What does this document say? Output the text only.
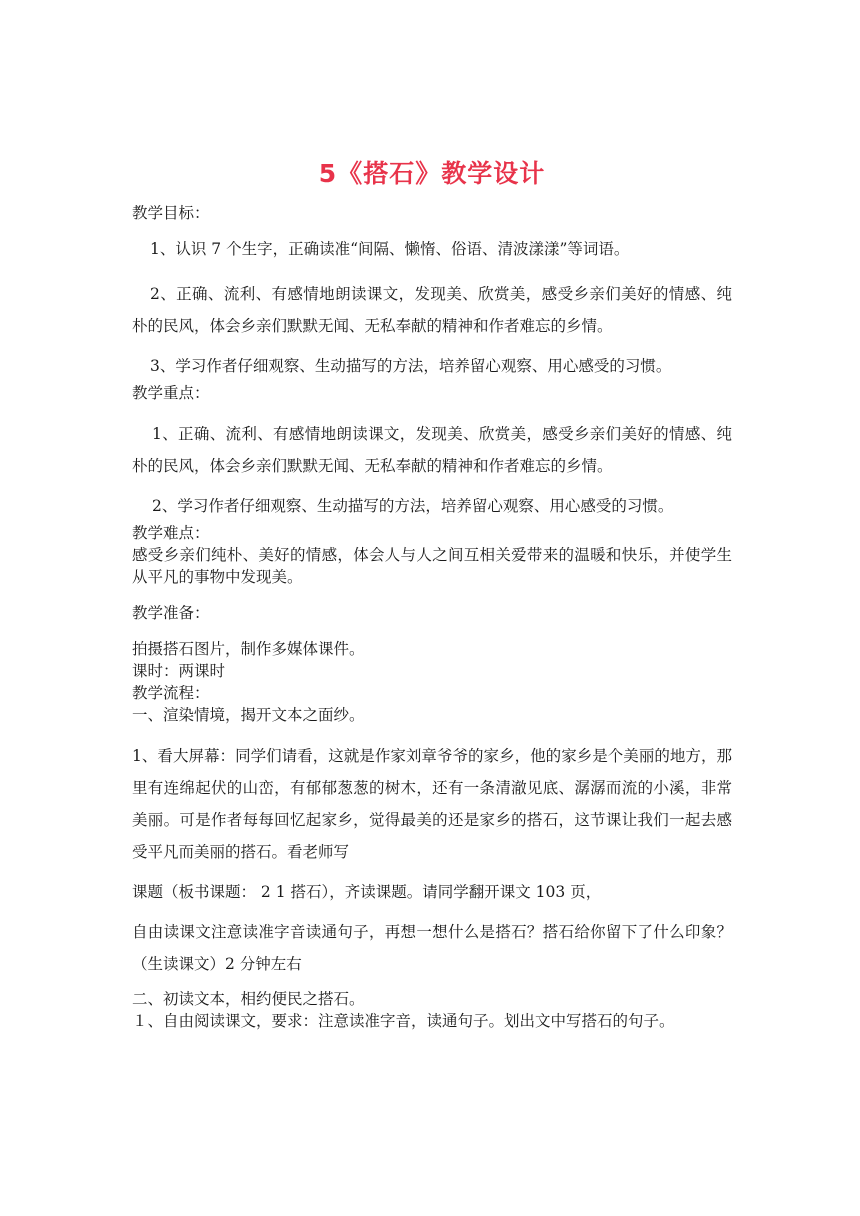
5《搭石》教学设计

教学目标：

1、认识 7 个生字，正确读准“间隔、懒惰、俗语、清波漾漾”等词语。

2、正确、流利、有感情地朗读课文，发现美、欣赏美，感受乡亲们美好的情感、纯朴的民风，体会乡亲们默默无闻、无私奉献的精神和作者难忘的乡情。

3、学习作者仔细观察、生动描写的方法，培养留心观察、用心感受的习惯。

教学重点：

1、正确、流利、有感情地朗读课文，发现美、欣赏美，感受乡亲们美好的情感、纯朴的民风，体会乡亲们默默无闻、无私奉献的精神和作者难忘的乡情。

2、学习作者仔细观察、生动描写的方法，培养留心观察、用心感受的习惯。

教学难点：

感受乡亲们纯朴、美好的情感，体会人与人之间互相关爱带来的温暖和快乐，并使学生从平凡的事物中发现美。

教学准备：

拍摄搭石图片，制作多媒体课件。

课时：两课时

教学流程：

一、渲染情境，揭开文本之面纱。

1、看大屏幕：同学们请看，这就是作家刘章爷爷的家乡，他的家乡是个美丽的地方，那里有连绵起伏的山峦，有郁郁葱葱的树木，还有一条清澈见底、潺潺而流的小溪，非常美丽。可是作者每每回忆起家乡，觉得最美的还是家乡的搭石，这节课让我们一起去感受平凡而美丽的搭石。看老师写

课题（板书课题： 2 1 搭石），齐读课题。请同学翻开课文 103 页，

自由读课文注意读准字音读通句子，再想一想什么是搭石？搭石给你留下了什么印象？（生读课文）2 分钟左右

二、初读文本，相约便民之搭石。

１、自由阅读课文，要求：注意读准字音，读通句子。划出文中写搭石的句子。
